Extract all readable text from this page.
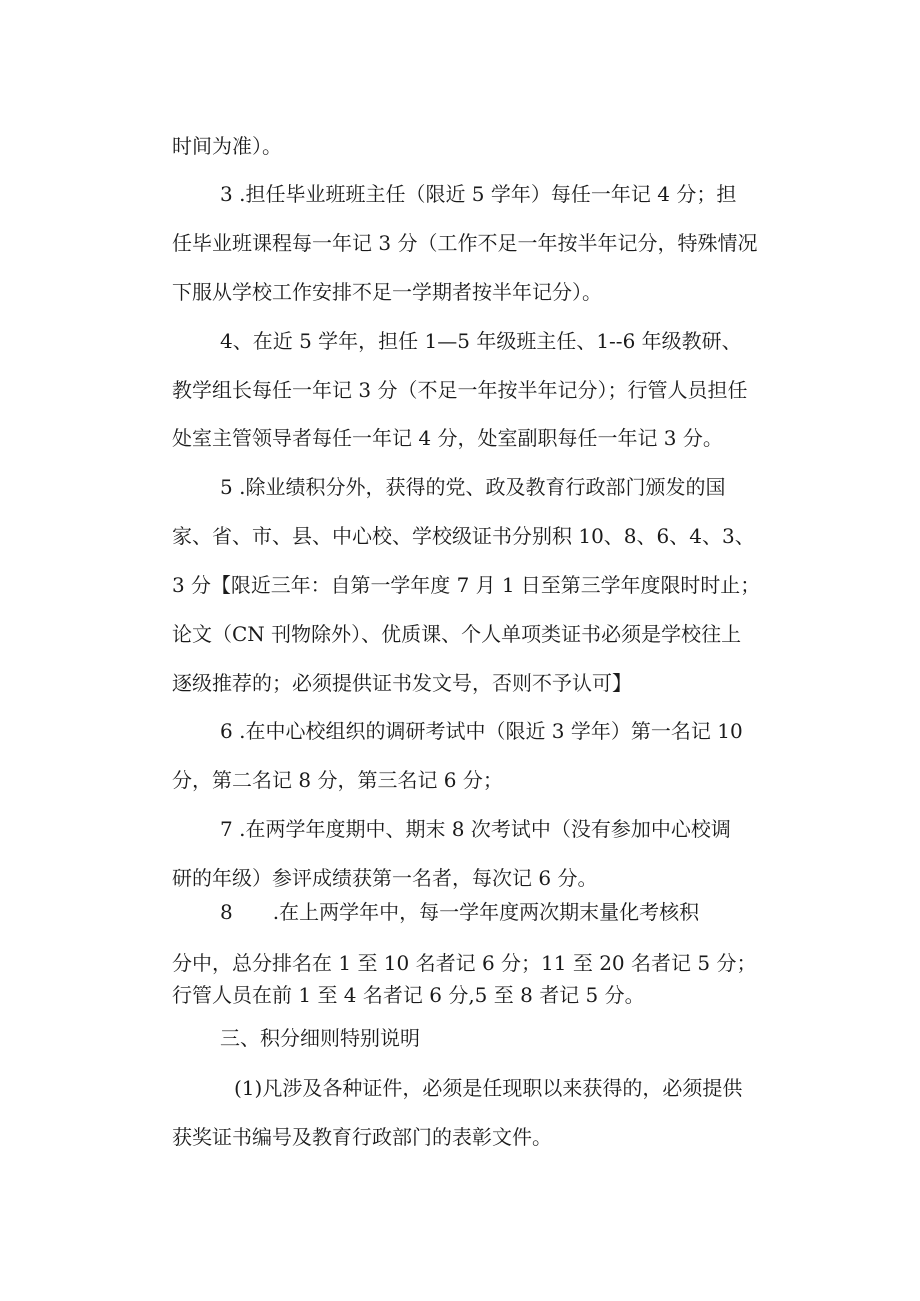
时间为准）。
3 .担任毕业班班主任（限近 5 学年）每任一年记 4 分；担
任毕业班课程每一年记 3 分（工作不足一年按半年记分，特殊情况
下服从学校工作安排不足一学期者按半年记分）。
4、在近 5 学年，担任 1—5 年级班主任、1--6 年级教研、
教学组长每任一年记 3 分（不足一年按半年记分）；行管人员担任
处室主管领导者每任一年记 4 分，处室副职每任一年记 3 分。
5 .除业绩积分外，获得的党、政及教育行政部门颁发的国
家、省、市、县、中心校、学校级证书分别积 10、8、6、4、3、
3 分【限近三年：自第一学年度 7 月 1 日至第三学年度限时时止；
论文（CN 刊物除外）、优质课、个人单项类证书必须是学校往上
逐级推荐的；必须提供证书发文号，否则不予认可】
6 .在中心校组织的调研考试中（限近 3 学年）第一名记 10
分，第二名记 8 分，第三名记 6 分；
7 .在两学年度期中、期末 8 次考试中（没有参加中心校调
研的年级）参评成绩获第一名者，每次记 6 分。
8　　.在上两学年中，每一学年度两次期末量化考核积
分中，总分排名在 1 至 10 名者记 6 分；11 至 20 名者记 5 分；
行管人员在前 1 至 4 名者记 6 分,5 至 8 者记 5 分。
三、积分细则特别说明
(1)凡涉及各种证件，必须是任现职以来获得的，必须提供
获奖证书编号及教育行政部门的表彰文件。
